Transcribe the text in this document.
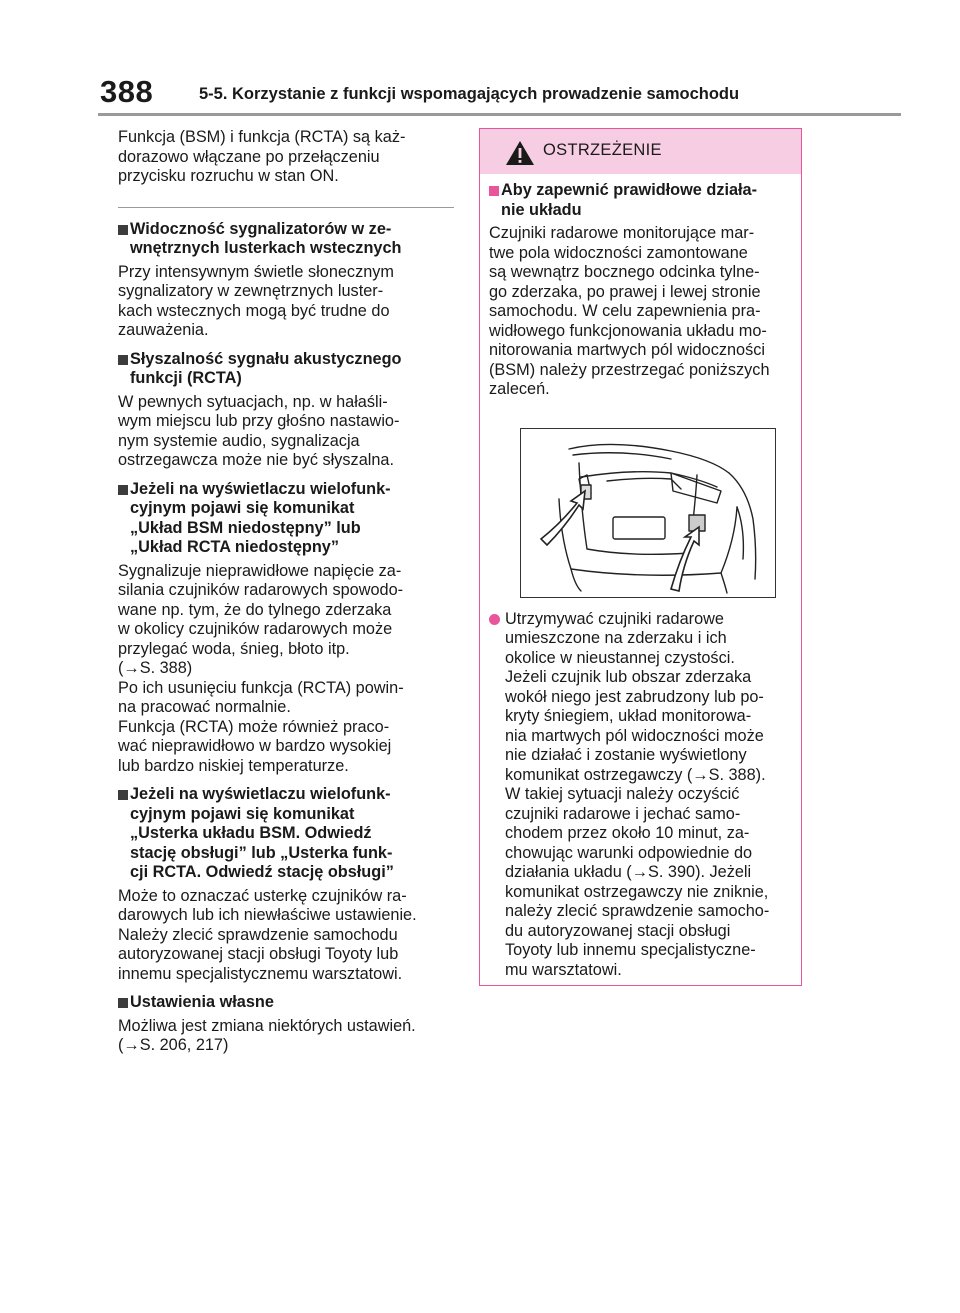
388	5-5. Korzystanie z funkcji wspomagających prowadzenie samochodu

Funkcja (BSM) i funkcja (RCTA) są każ-
dorazowo włączane po przełączeniu
przycisku rozruchu w stan ON.

Widoczność sygnalizatorów w ze-
wnętrznych lusterkach wstecznych

Przy intensywnym świetle słonecznym
sygnalizatory w zewnętrznych luster-
kach wstecznych mogą być trudne do
zauważenia.

Słyszalność sygnału akustycznego
funkcji (RCTA)

W pewnych sytuacjach, np. w hałaśli-
wym miejscu lub przy głośno nastawio-
nym systemie audio, sygnalizacja
ostrzegawcza może nie być słyszalna.

Jeżeli na wyświetlaczu wielofunk-
cyjnym pojawi się komunikat
„Układ BSM niedostępny” lub
„Układ RCTA niedostępny”

Sygnalizuje nieprawidłowe napięcie za-
silania czujników radarowych spowodo-
wane np. tym, że do tylnego zderzaka
w okolicy czujników radarowych może
przylegać woda, śnieg, błoto itp.
(→S. 388)
Po ich usunięciu funkcja (RCTA) powin-
na pracować normalnie.
Funkcja (RCTA) może również praco-
wać nieprawidłowo w bardzo wysokiej
lub bardzo niskiej temperaturze.

Jeżeli na wyświetlaczu wielofunk-
cyjnym pojawi się komunikat
„Usterka układu BSM. Odwiedź
stację obsługi” lub „Usterka funk-
cji RCTA. Odwiedź stację obsługi”

Może to oznaczać usterkę czujników ra-
darowych lub ich niewłaściwe ustawienie.
Należy zlecić sprawdzenie samochodu
autoryzowanej stacji obsługi Toyoty lub
innemu specjalistycznemu warsztatowi.

Ustawienia własne

Możliwa jest zmiana niektórych ustawień.
(→S. 206, 217)

OSTRZEŻENIE
Aby zapewnić prawidłowe działa-
nie układu

Czujniki radarowe monitorujące mar-
twe pola widoczności zamontowane
są wewnątrz bocznego odcinka tylne-
go zderzaka, po prawej i lewej stronie
samochodu. W celu zapewnienia pra-
widłowego funkcjonowania układu mo-
nitorowania martwych pól widoczności
(BSM) należy przestrzegać poniższych
zaleceń.

Utrzymywać czujniki radarowe
umieszczone na zderzaku i ich
okolice w nieustannej czystości.
Jeżeli czujnik lub obszar zderzaka
wokół niego jest zabrudzony lub po-
kryty śniegiem, układ monitorowa-
nia martwych pól widoczności może
nie działać i zostanie wyświetlony
komunikat ostrzegawczy (→S. 388).
W takiej sytuacji należy oczyścić
czujniki radarowe i jechać samo-
chodem przez około 10 minut, za-
chowując warunki odpowiednie do
działania układu (→S. 390). Jeżeli
komunikat ostrzegawczy nie zniknie,
należy zlecić sprawdzenie samocho-
du autoryzowanej stacji obsługi
Toyoty lub innemu specjalistyczne-
mu warsztatowi.
